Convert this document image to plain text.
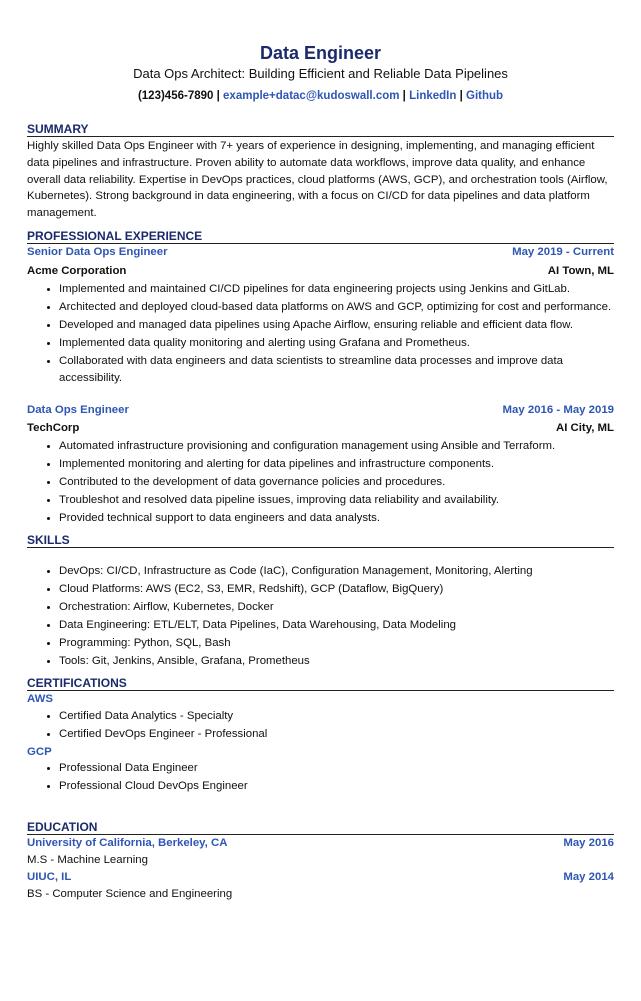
Data Engineer
Data Ops Architect: Building Efficient and Reliable Data Pipelines
(123)456-7890 | example+datac@kudoswall.com | LinkedIn | Github
SUMMARY

Highly skilled Data Ops Engineer with 7+ years of experience in designing, implementing, and managing efficient data pipelines and infrastructure. Proven ability to automate data workflows, improve data quality, and enhance overall data reliability. Expertise in DevOps practices, cloud platforms (AWS, GCP), and orchestration tools (Airflow, Kubernetes). Strong background in data engineering, with a focus on CI/CD for data pipelines and data platform management.

PROFESSIONAL EXPERIENCE
Senior Data Ops Engineer	May 2019 - Current
Acme Corporation	AI Town, ML
• Implemented and maintained CI/CD pipelines for data engineering projects using Jenkins and GitLab.
• Architected and deployed cloud-based data platforms on AWS and GCP, optimizing for cost and performance.
• Developed and managed data pipelines using Apache Airflow, ensuring reliable and efficient data flow.
• Implemented data quality monitoring and alerting using Grafana and Prometheus.
• Collaborated with data engineers and data scientists to streamline data processes and improve data accessibility.
Data Ops Engineer	May 2016 - May 2019
TechCorp	AI City, ML
• Automated infrastructure provisioning and configuration management using Ansible and Terraform.
• Implemented monitoring and alerting for data pipelines and infrastructure components.
• Contributed to the development of data governance policies and procedures.
• Troubleshot and resolved data pipeline issues, improving data reliability and availability.
• Provided technical support to data engineers and data analysts.
SKILLS
• DevOps: CI/CD, Infrastructure as Code (IaC), Configuration Management, Monitoring, Alerting
• Cloud Platforms: AWS (EC2, S3, EMR, Redshift), GCP (Dataflow, BigQuery)
• Orchestration: Airflow, Kubernetes, Docker
• Data Engineering: ETL/ELT, Data Pipelines, Data Warehousing, Data Modeling
• Programming: Python, SQL, Bash
• Tools: Git, Jenkins, Ansible, Grafana, Prometheus
CERTIFICATIONS
AWS
• Certified Data Analytics - Specialty
• Certified DevOps Engineer - Professional
GCP
• Professional Data Engineer
• Professional Cloud DevOps Engineer
EDUCATION
University of California, Berkeley, CA	May 2016
M.S - Machine Learning
UIUC, IL	May 2014
BS - Computer Science and Engineering
